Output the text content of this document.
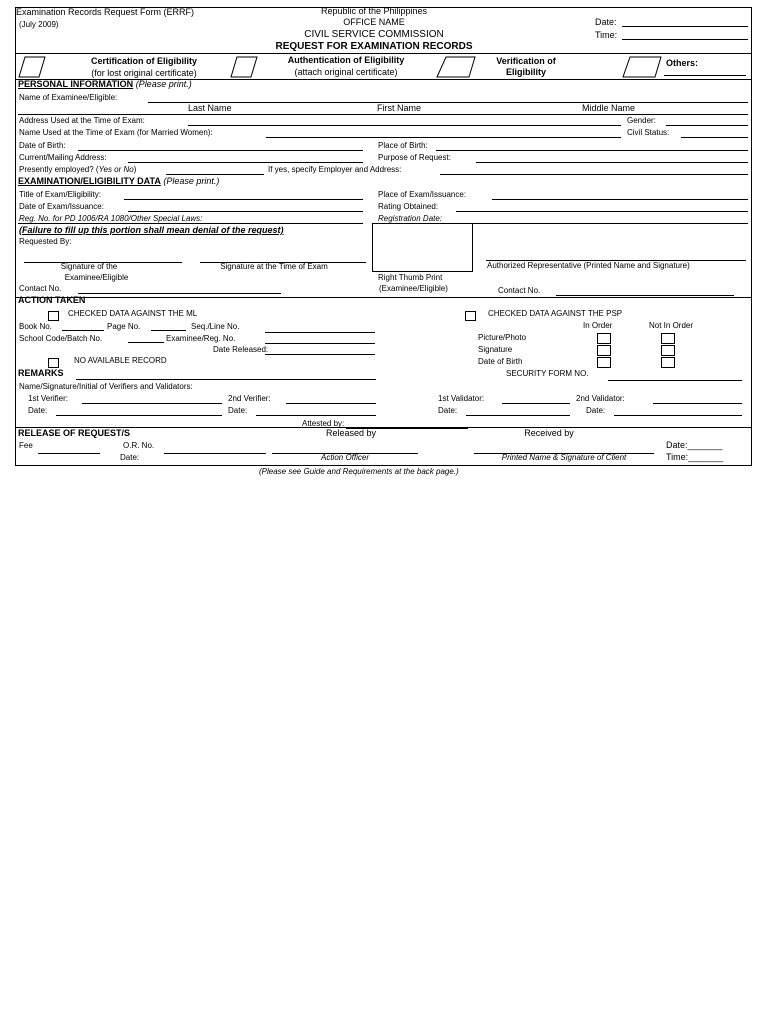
Examination Records Request Form (ERRF)
(July 2009)
Republic of the Philippines
OFFICE NAME
CIVIL SERVICE COMMISSION
REQUEST FOR EXAMINATION RECORDS
Date:
Time:
Certification of Eligibility
(for lost original certificate)
Authentication of Eligibility
(attach original certificate)
Verification of
Eligibility
Others:
PERSONAL INFORMATION (Please print.)
Name of Examinee/Eligible:
Last Name	First Name	Middle Name
Address Used at the Time of Exam:	Gender:
Name Used at the Time of Exam (for Married Women):	Civil Status:
Date of Birth:	Place of Birth:
Current/Mailing Address:	Purpose of Request:
Presently employed? (Yes or No)	If yes, specify Employer and Address:
EXAMINATION/ELIGIBILITY DATA (Please print.)
Title of Exam/Eligibility:	Place of Exam/Issuance:
Date of Exam/Issuance:	Rating Obtained:
Reg. No. for PD 1006/RA 1080/Other Special Laws:	Registration Date:
(Failure to fill up this portion shall mean denial of the request)
Requested By:
Signature of the
Examinee/Eligible
Signature at the Time of Exam
Right Thumb Print
(Examinee/Eligible)
Authorized Representative (Printed Name and Signature)
Contact No.	Contact No.
ACTION TAKEN
CHECKED DATA AGAINST THE ML	CHECKED DATA AGAINST THE PSP
Book No.	Page No.	Seq./Line No.
School Code/Batch No.	Examinee/Reg. No.
Date Released:
NO AVAILABLE RECORD
In Order	Not In Order
Picture/Photo
Signature
Date of Birth
REMARKS	SECURITY FORM NO.
Name/Signature/Initial of Verifiers and Validators:
1st Verifier:	2nd Verifier:	1st Validator:	2nd Validator:
Date:	Date:	Date:	Date:
Attested by:
RELEASE OF REQUEST/S	Released by	Received by
Fee	O.R. No.
Date:	Action Officer	Printed Name & Signature of Client
Date:_______
Time:_______
(Please see Guide and Requirements at the back page.)
